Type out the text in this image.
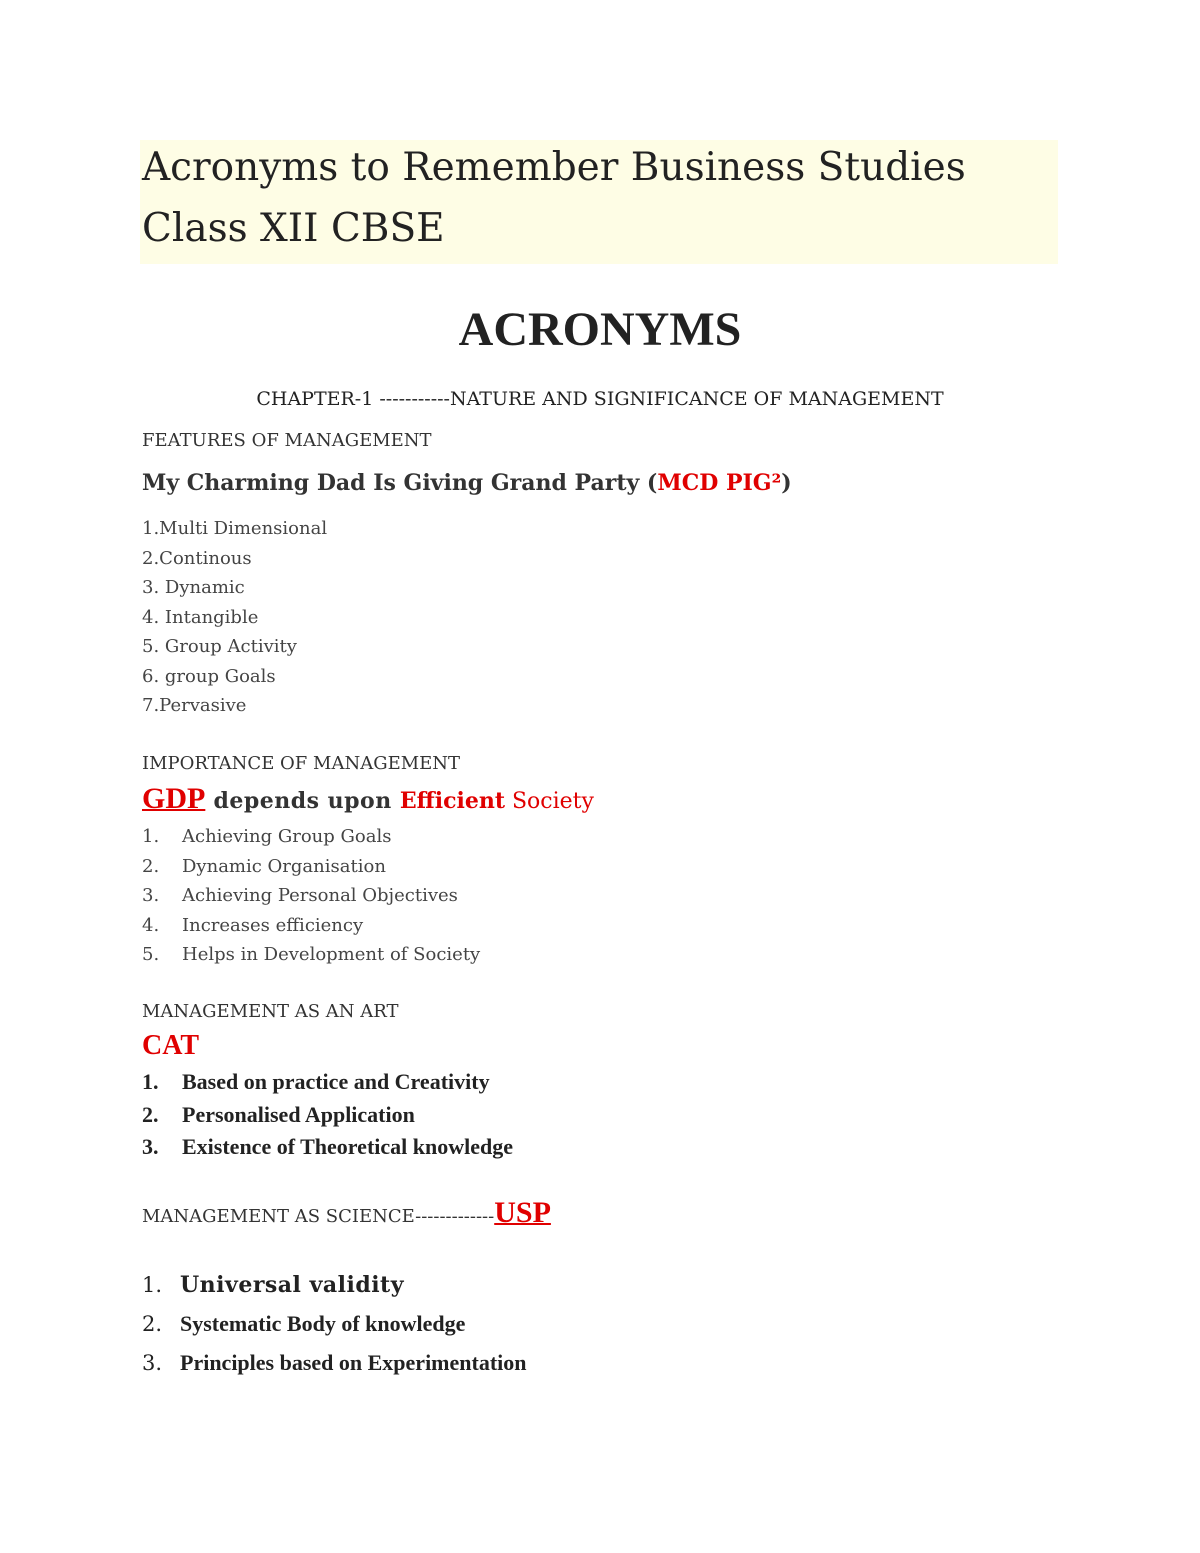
Acronyms to Remember Business Studies
Class XII CBSE
ACRONYMS
CHAPTER-1 -----------NATURE AND SIGNIFICANCE OF MANAGEMENT
FEATURES OF MANAGEMENT
My Charming Dad Is Giving Grand Party (MCD PIG²)
1.Multi Dimensional
2.Continous
3. Dynamic
4. Intangible
5. Group Activity
6. group Goals
7.Pervasive
IMPORTANCE OF MANAGEMENT
GDP depends upon Efficient Society
1. Achieving Group Goals
2. Dynamic Organisation
3. Achieving Personal Objectives
4. Increases efficiency
5. Helps in Development of Society
MANAGEMENT AS AN ART
CAT
1. Based on practice and Creativity
2. Personalised Application
3. Existence of Theoretical knowledge
MANAGEMENT AS SCIENCE-------------USP
1. Universal validity
2. Systematic Body of knowledge
3. Principles based on Experimentation
